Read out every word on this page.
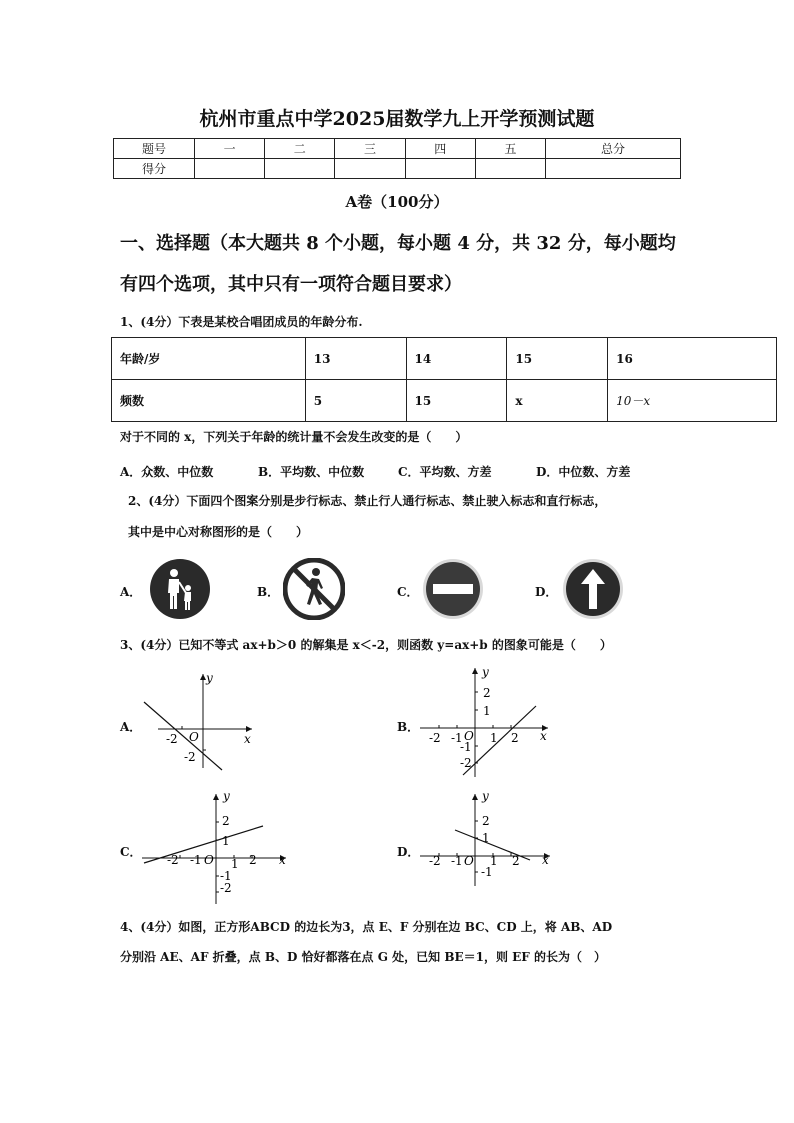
杭州市重点中学2025届数学九上开学预测试题
题号	一	二	三	四	五	总分
得分						
A卷（100分）
一、选择题（本大题共 8 个小题，每小题 4 分，共 32 分，每小题均
有四个选项，其中只有一项符合题目要求）
1、(4分）下表是某校合唱团成员的年龄分布.
年龄/岁	13	14	15	16
频数	5	15	x	10－x
对于不同的 x，下列关于年龄的统计量不会发生改变的是（　　）
A．众数、中位数	B．平均数、中位数	C．平均数、方差	D．中位数、方差
2、(4分）下面四个图案分别是步行标志、禁止行人通行标志、禁止驶入标志和直行标志，
其中是中心对称图形的是（　　）
A．	B．	C．	D．
3、(4分）已知不等式 ax+b＞0 的解集是 x＜-2，则函数 y=ax+b 的图象可能是（　　）
A．
y
x
O
-2
-2
B．
y
x
O
2
1
-2 -1 1 2
-1
-2
C．
y
x
O
2
1
-2 -1 1 2
-1
-2
D．
y
x
O
2
1
-2 -1 1 2
-1
4、(4分）如图，正方形ABCD 的边长为3，点 E、F 分别在边 BC、CD 上，将 AB、AD
分别沿 AE、AF 折叠，点 B、D 恰好都落在点 G 处，已知 BE＝1，则 EF 的长为（　）
